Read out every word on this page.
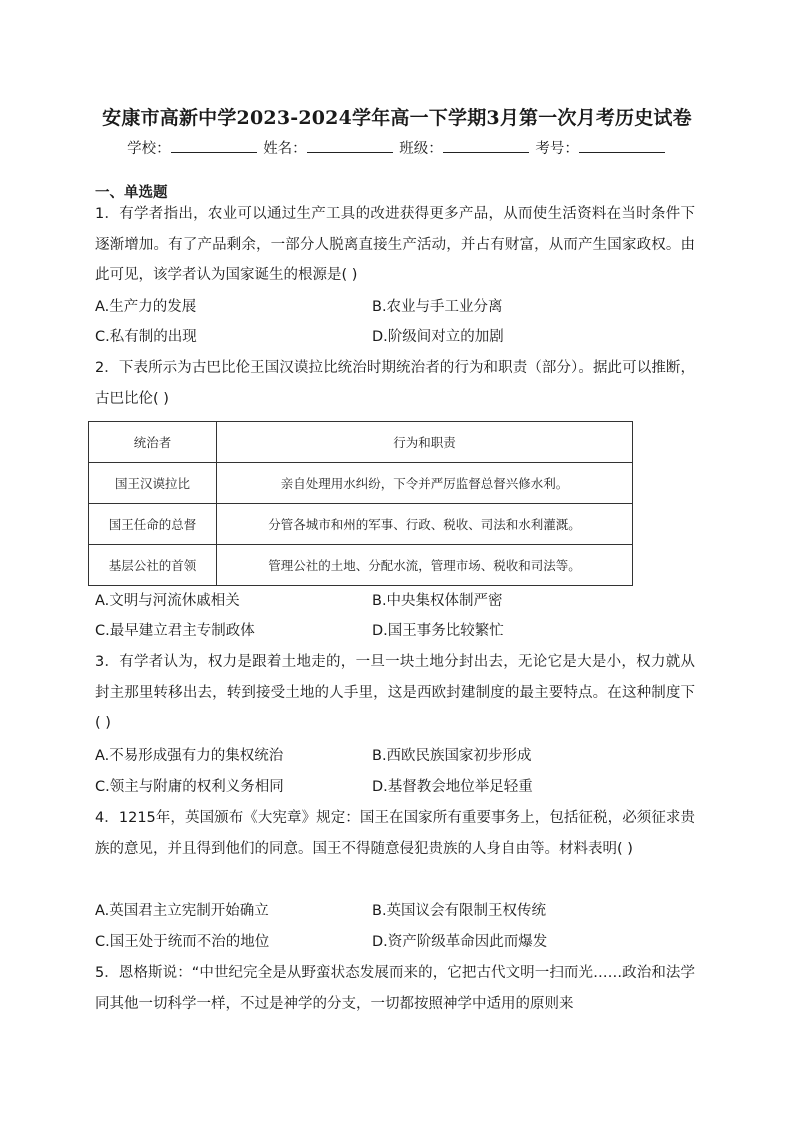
安康市高新中学2023-2024学年高一下学期3月第一次月考历史试卷
学校：	姓名：	班级：	考号：
一、单选题

1．有学者指出，农业可以通过生产工具的改进获得更多产品，从而使生活资料在当时条件下逐渐增加。有了产品剩余，一部分人脱离直接生产活动，并占有财富，从而产生国家政权。由此可见，该学者认为国家诞生的根源是( )

A.生产力的发展	B.农业与手工业分离
C.私有制的出现	D.阶级间对立的加剧

2．下表所示为古巴比伦王国汉谟拉比统治时期统治者的行为和职责（部分）。据此可以推断，古巴比伦( )

统治者	行为和职责
国王汉谟拉比	亲自处理用水纠纷，下令并严厉监督总督兴修水利。
国王任命的总督	分管各城市和州的军事、行政、税收、司法和水利灌溉。
基层公社的首领	管理公社的土地、分配水流，管理市场、税收和司法等。
A.文明与河流休戚相关	B.中央集权体制严密
C.最早建立君主专制政体	D.国王事务比较繁忙

3．有学者认为，权力是跟着土地走的，一旦一块土地分封出去，无论它是大是小，权力就从封主那里转移出去，转到接受土地的人手里，这是西欧封建制度的最主要特点。在这种制度下( )

A.不易形成强有力的集权统治	B.西欧民族国家初步形成
C.领主与附庸的权利义务相同	D.基督教会地位举足轻重

4．1215年，英国颁布《大宪章》规定：国王在国家所有重要事务上，包括征税，必须征求贵族的意见，并且得到他们的同意。国王不得随意侵犯贵族的人身自由等。材料表明( )

A.英国君主立宪制开始确立	B.英国议会有限制王权传统
C.国王处于统而不治的地位	D.资产阶级革命因此而爆发

5．恩格斯说：“中世纪完全是从野蛮状态发展而来的，它把古代文明一扫而光……政治和法学同其他一切科学一样，不过是神学的分支，一切都按照神学中适用的原则来
